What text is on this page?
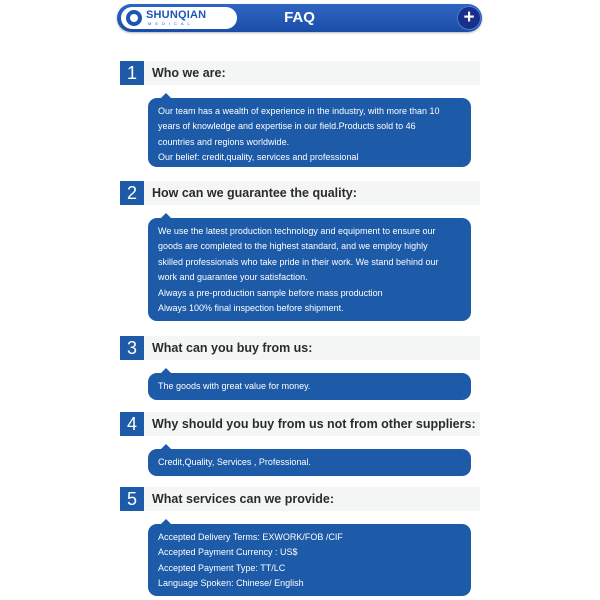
SHUNQIAN
MEDICAL	FAQ	+
1	Who we are:
Our team has a wealth of experience in the industry, with more than 10
years of knowledge and expertise in our field.Products sold to 46
countries and regions worldwide.
Our belief: credit,quality, services and professional
2	How can we guarantee the quality:
We use the latest production technology and equipment to ensure our
goods are completed to the highest standard, and we employ highly
skilled professionals who take pride in their work. We stand behind our
work and guarantee your satisfaction.
Always a pre-production sample before mass production
Always 100% final inspection before shipment.
3	What can you buy from us:
The goods with great value for money.
4	Why should you buy from us not from other suppliers:
Credit,Quality, Services , Professional.
5	What services can we provide:
Accepted Delivery Terms: EXWORK/FOB /CIF
Accepted Payment Currency : US$
Accepted Payment Type: TT/LC
Language Spoken: Chinese/ English
